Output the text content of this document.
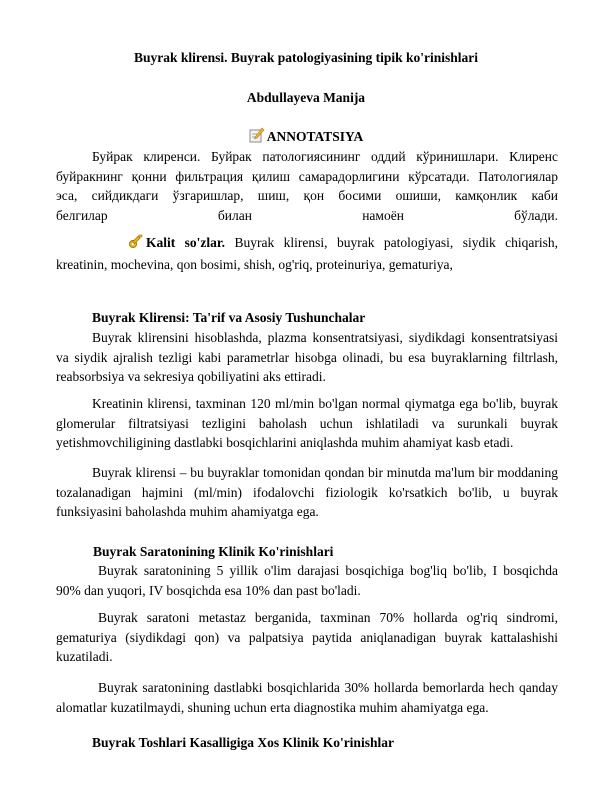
Buyrak klirensi. Buyrak patologiyasining tipik ko'rinishlari
Abdullayeva Manija
ANNOTATSIYA
Буйрак клиренси. Буйрак патологиясининг оддий кўринишлари. Клиренс
буйракнинг қонни фильтрация қилиш самарадорлигини кўрсатади. Патологиялар
эса, сийдикдаги ўзгаришлар, шиш, қон босими ошиши, камқонлик каби
белгилар	билан	намоён	бўлади.
Kalit so'zlar. Buyrak klirensi, buyrak patologiyasi, siydik chiqarish, kreatinin, mochevina, qon bosimi, shish, og'riq, proteinuriya, gematuriya,
Buyrak Klirensi: Ta'rif va Asosiy Tushunchalar
Buyrak klirensini hisoblashda, plazma konsentratsiyasi, siydikdagi konsentratsiyasi va siydik ajralish tezligi kabi parametrlar hisobga olinadi, bu esa buyraklarning filtrlash, reabsorbsiya va sekresiya qobiliyatini aks ettiradi.
Kreatinin klirensi, taxminan 120 ml/min bo'lgan normal qiymatga ega bo'lib, buyrak glomerular filtratsiyasi tezligini baholash uchun ishlatiladi va surunkali buyrak yetishmovchiligining dastlabki bosqichlarini aniqlashda muhim ahamiyat kasb etadi.
Buyrak klirensi – bu buyraklar tomonidan qondan bir minutda ma'lum bir moddaning tozalanadigan hajmini (ml/min) ifodalovchi fiziologik ko'rsatkich bo'lib, u buyrak funksiyasini baholashda muhim ahamiyatga ega.
Buyrak Saratonining Klinik Ko'rinishlari
Buyrak saratonining 5 yillik o'lim darajasi bosqichiga bog'liq bo'lib, I bosqichda 90% dan yuqori, IV bosqichda esa 10% dan past bo'ladi.
Buyrak saratoni metastaz berganida, taxminan 70% hollarda og'riq sindromi, gematuriya (siydikdagi qon) va palpatsiya paytida aniqlanadigan buyrak kattalashishi kuzatiladi.
Buyrak saratonining dastlabki bosqichlarida 30% hollarda bemorlarda hech qanday alomatlar kuzatilmaydi, shuning uchun erta diagnostika muhim ahamiyatga ega.
Buyrak Toshlari Kasalligiga Xos Klinik Ko'rinishlar
